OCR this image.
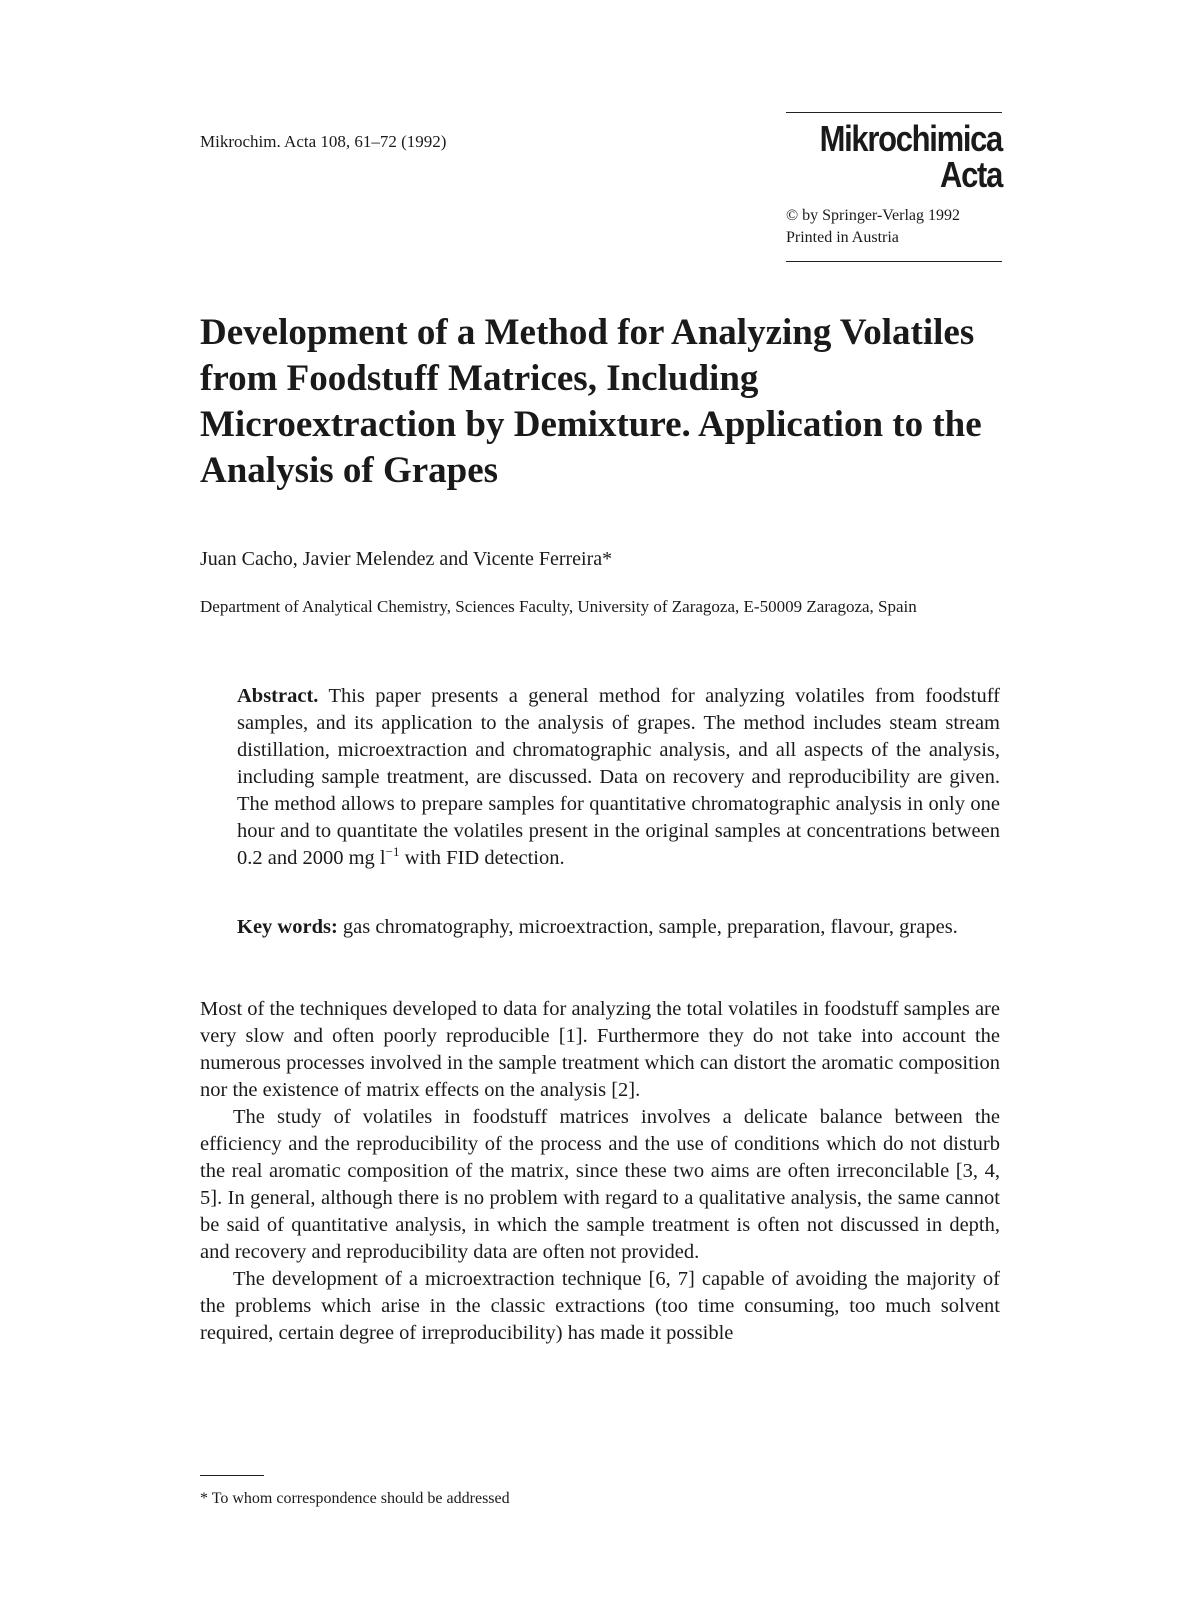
Mikrochim. Acta 108, 61–72 (1992)	Mikrochimica
Acta
© by Springer-Verlag 1992
Printed in Austria
Development of a Method for Analyzing Volatiles from Foodstuff Matrices, Including Microextraction by Demixture. Application to the Analysis of Grapes
Juan Cacho, Javier Melendez and Vicente Ferreira*
Department of Analytical Chemistry, Sciences Faculty, University of Zaragoza, E-50009 Zaragoza, Spain

Abstract. This paper presents a general method for analyzing volatiles from foodstuff samples, and its application to the analysis of grapes. The method includes steam stream distillation, microextraction and chromatographic analysis, and all aspects of the analysis, including sample treatment, are discussed. Data on recovery and reproducibility are given. The method allows to prepare samples for quantitative chromatographic analysis in only one hour and to quantitate the volatiles present in the original samples at concentrations between 0.2 and 2000 mg $l^{-1}$ with FID detection.

Key words: gas chromatography, microextraction, sample, preparation, flavour, grapes.

Most of the techniques developed to data for analyzing the total volatiles in foodstuff samples are very slow and often poorly reproducible [1]. Furthermore they do not take into account the numerous processes involved in the sample treatment which can distort the aromatic composition nor the existence of matrix effects on the analysis [2].

The study of volatiles in foodstuff matrices involves a delicate balance between the efficiency and the reproducibility of the process and the use of conditions which do not disturb the real aromatic composition of the matrix, since these two aims are often irreconcilable [3, 4, 5]. In general, although there is no problem with regard to a qualitative analysis, the same cannot be said of quantitative analysis, in which the sample treatment is often not discussed in depth, and recovery and reproducibility data are often not provided.

The development of a microextraction technique [6, 7] capable of avoiding the majority of the problems which arise in the classic extractions (too time consuming, too much solvent required, certain degree of irreproducibility) has made it possible

* To whom correspondence should be addressed
